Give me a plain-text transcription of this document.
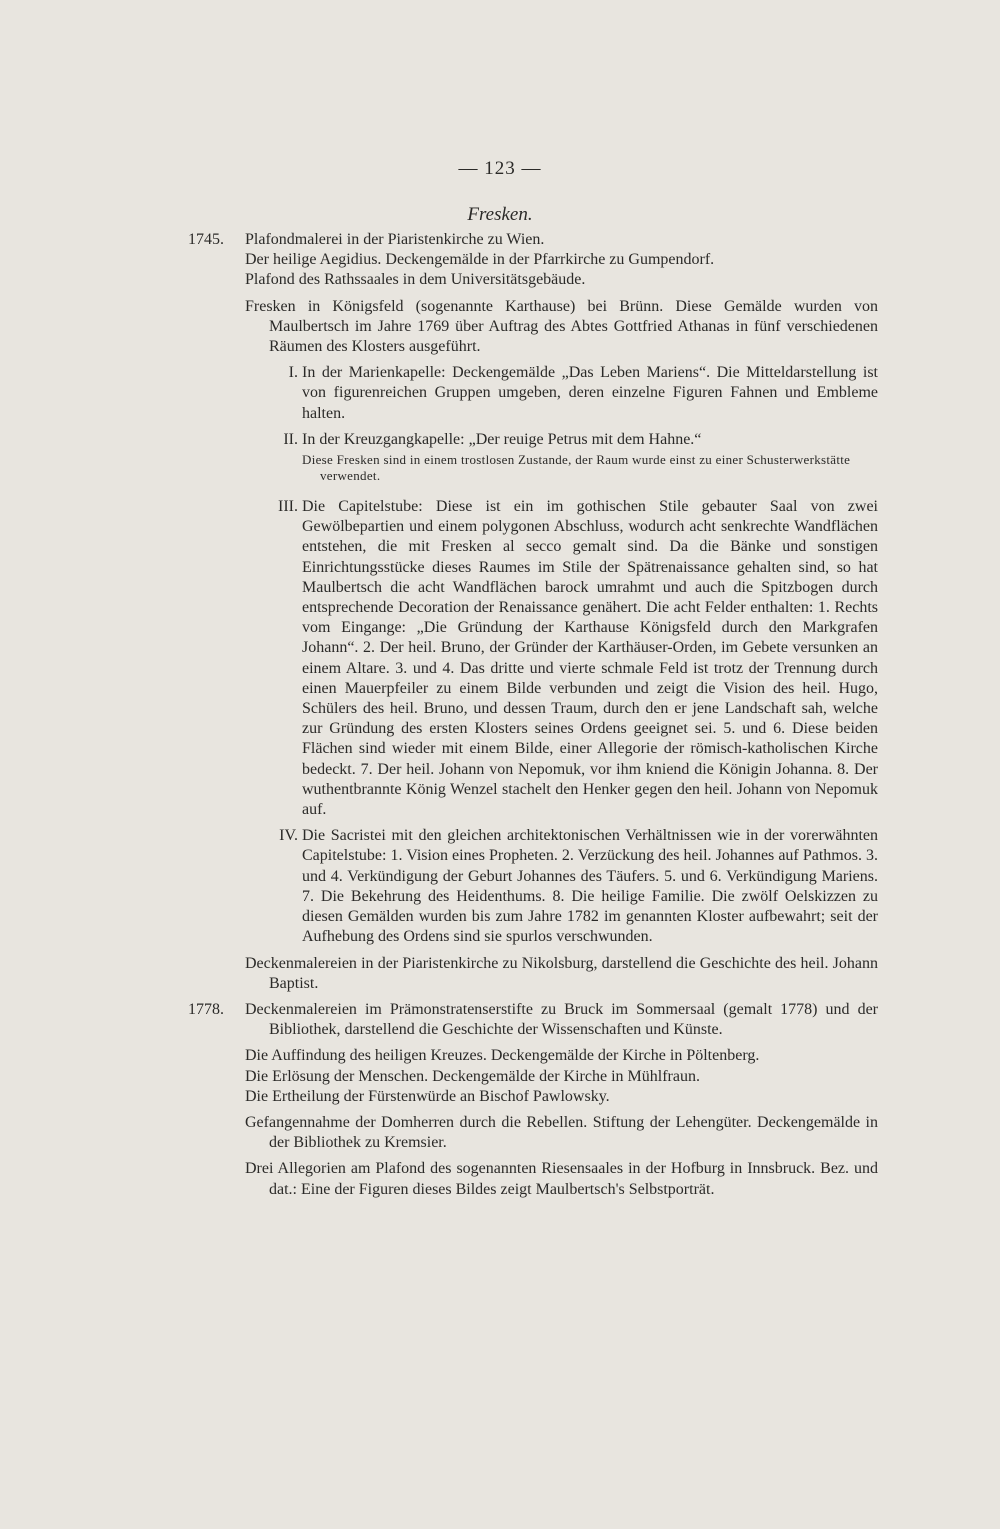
— 123 —
Fresken.
1745. Plafondmalerei in der Piaristenkirche zu Wien.

Der heilige Aegidius. Deckengemälde in der Pfarrkirche zu Gumpendorf.

Plafond des Rathssaales in dem Universitätsgebäude.

Fresken in Königsfeld (sogenannte Karthause) bei Brünn. Diese Gemälde wurden von Maulbertsch im Jahre 1769 über Auftrag des Abtes Gottfried Athanas in fünf verschiedenen Räumen des Klosters ausgeführt.

I. In der Marienkapelle: Deckengemälde „Das Leben Mariens“. Die Mitteldarstellung ist von figurenreichen Gruppen umgeben, deren einzelne Figuren Fahnen und Embleme halten.
II. In der Kreuzgangkapelle: „Der reuige Petrus mit dem Hahne.“

Diese Fresken sind in einem trostlosen Zustande, der Raum wurde einst zu einer Schusterwerkstätte verwendet.

III. Die Capitelstube: Diese ist ein im gothischen Stile gebauter Saal von zwei Gewölbepartien und einem polygonen Abschluss, wodurch acht senkrechte Wandflächen entstehen, die mit Fresken al secco gemalt sind. Da die Bänke und sonstigen Einrichtungsstücke dieses Raumes im Stile der Spätrenaissance gehalten sind, so hat Maulbertsch die acht Wandflächen barock umrahmt und auch die Spitzbogen durch entsprechende Decoration der Renaissance genähert. Die acht Felder enthalten: 1. Rechts vom Eingange: „Die Gründung der Karthause Königsfeld durch den Markgrafen Johann“. 2. Der heil. Bruno, der Gründer der Karthäuser-Orden, im Gebete versunken an einem Altare. 3. und 4. Das dritte und vierte schmale Feld ist trotz der Trennung durch einen Mauerpfeiler zu einem Bilde verbunden und zeigt die Vision des heil. Hugo, Schülers des heil. Bruno, und dessen Traum, durch den er jene Landschaft sah, welche zur Gründung des ersten Klosters seines Ordens geeignet sei. 5. und 6. Diese beiden Flächen sind wieder mit einem Bilde, einer Allegorie der römisch-katholischen Kirche bedeckt. 7. Der heil. Johann von Nepomuk, vor ihm kniend die Königin Johanna. 8. Der wuthentbrannte König Wenzel stachelt den Henker gegen den heil. Johann von Nepomuk auf.
IV. Die Sacristei mit den gleichen architektonischen Verhältnissen wie in der vorerwähnten Capitelstube: 1. Vision eines Propheten. 2. Verzückung des heil. Johannes auf Pathmos. 3. und 4. Verkündigung der Geburt Johannes des Täufers. 5. und 6. Verkündigung Mariens. 7. Die Bekehrung des Heidenthums. 8. Die heilige Familie. Die zwölf Oelskizzen zu diesen Gemälden wurden bis zum Jahre 1782 im genannten Kloster aufbewahrt; seit der Aufhebung des Ordens sind sie spurlos verschwunden.

Deckenmalereien in der Piaristenkirche zu Nikolsburg, darstellend die Geschichte des heil. Johann Baptist.

1778. Deckenmalereien im Prämonstratenserstifte zu Bruck im Sommersaal (gemalt 1778) und der Bibliothek, darstellend die Geschichte der Wissenschaften und Künste.

Die Auffindung des heiligen Kreuzes. Deckengemälde der Kirche in Pöltenberg.

Die Erlösung der Menschen. Deckengemälde der Kirche in Mühlfraun.

Die Ertheilung der Fürstenwürde an Bischof Pawlowsky.

Gefangennahme der Domherren durch die Rebellen. Stiftung der Lehengüter. Deckengemälde in der Bibliothek zu Kremsier.

Drei Allegorien am Plafond des sogenannten Riesensaales in der Hofburg in Innsbruck. Bez. und dat.: Eine der Figuren dieses Bildes zeigt Maulbertsch's Selbstporträt.
